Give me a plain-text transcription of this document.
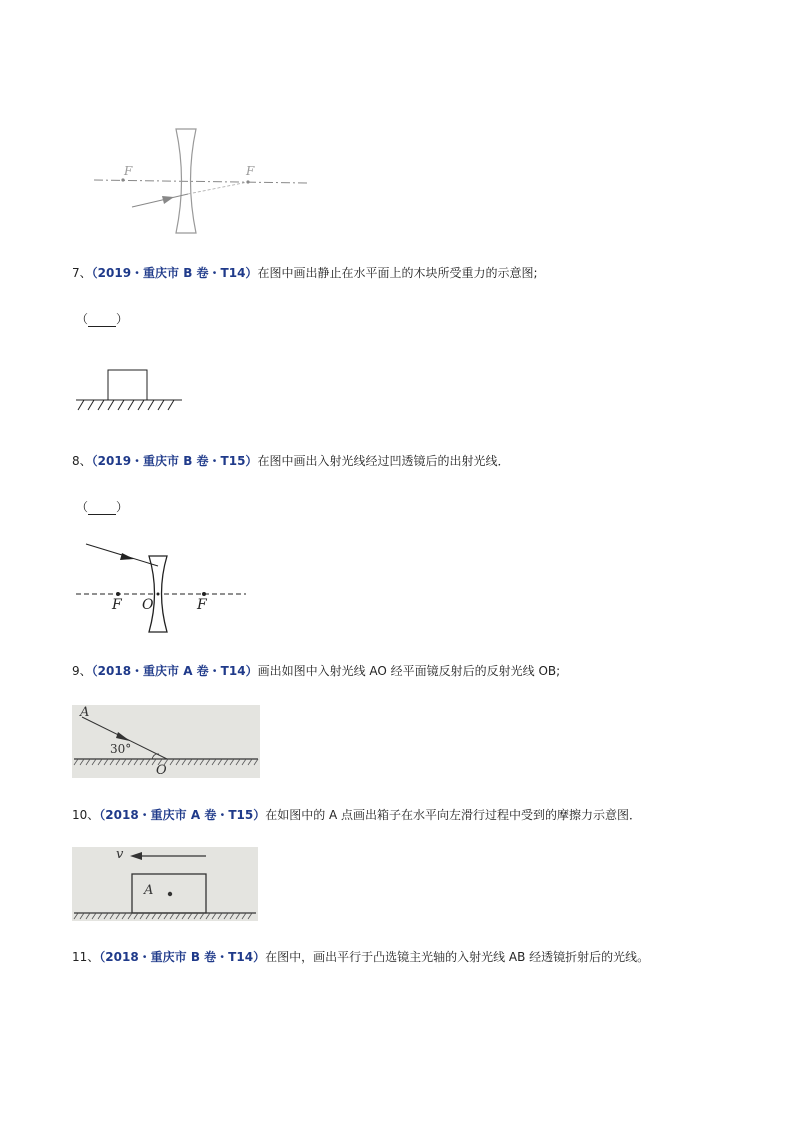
F	F
7、（2019・重庆市 B 卷・T14）在图中画出静止在水平面上的木块所受重力的示意图;
（ ）
8、（2019・重庆市 B 卷・T15）在图中画出入射光线经过凹透镜后的出射光线．
（ ）
F O	F
9、（2018・重庆市 A 卷・T14）画出如图中入射光线 AO 经平面镜反射后的反射光线 OB;
A
30°
O
10、（2018・重庆市 A 卷・T15）在如图中的 A 点画出箱子在水平向左滑行过程中受到的摩擦力示意图．
v
A
11、（2018・重庆市 B 卷・T14）在图中，画出平行于凸选镜主光轴的入射光线 AB 经透镜折射后的光线。
